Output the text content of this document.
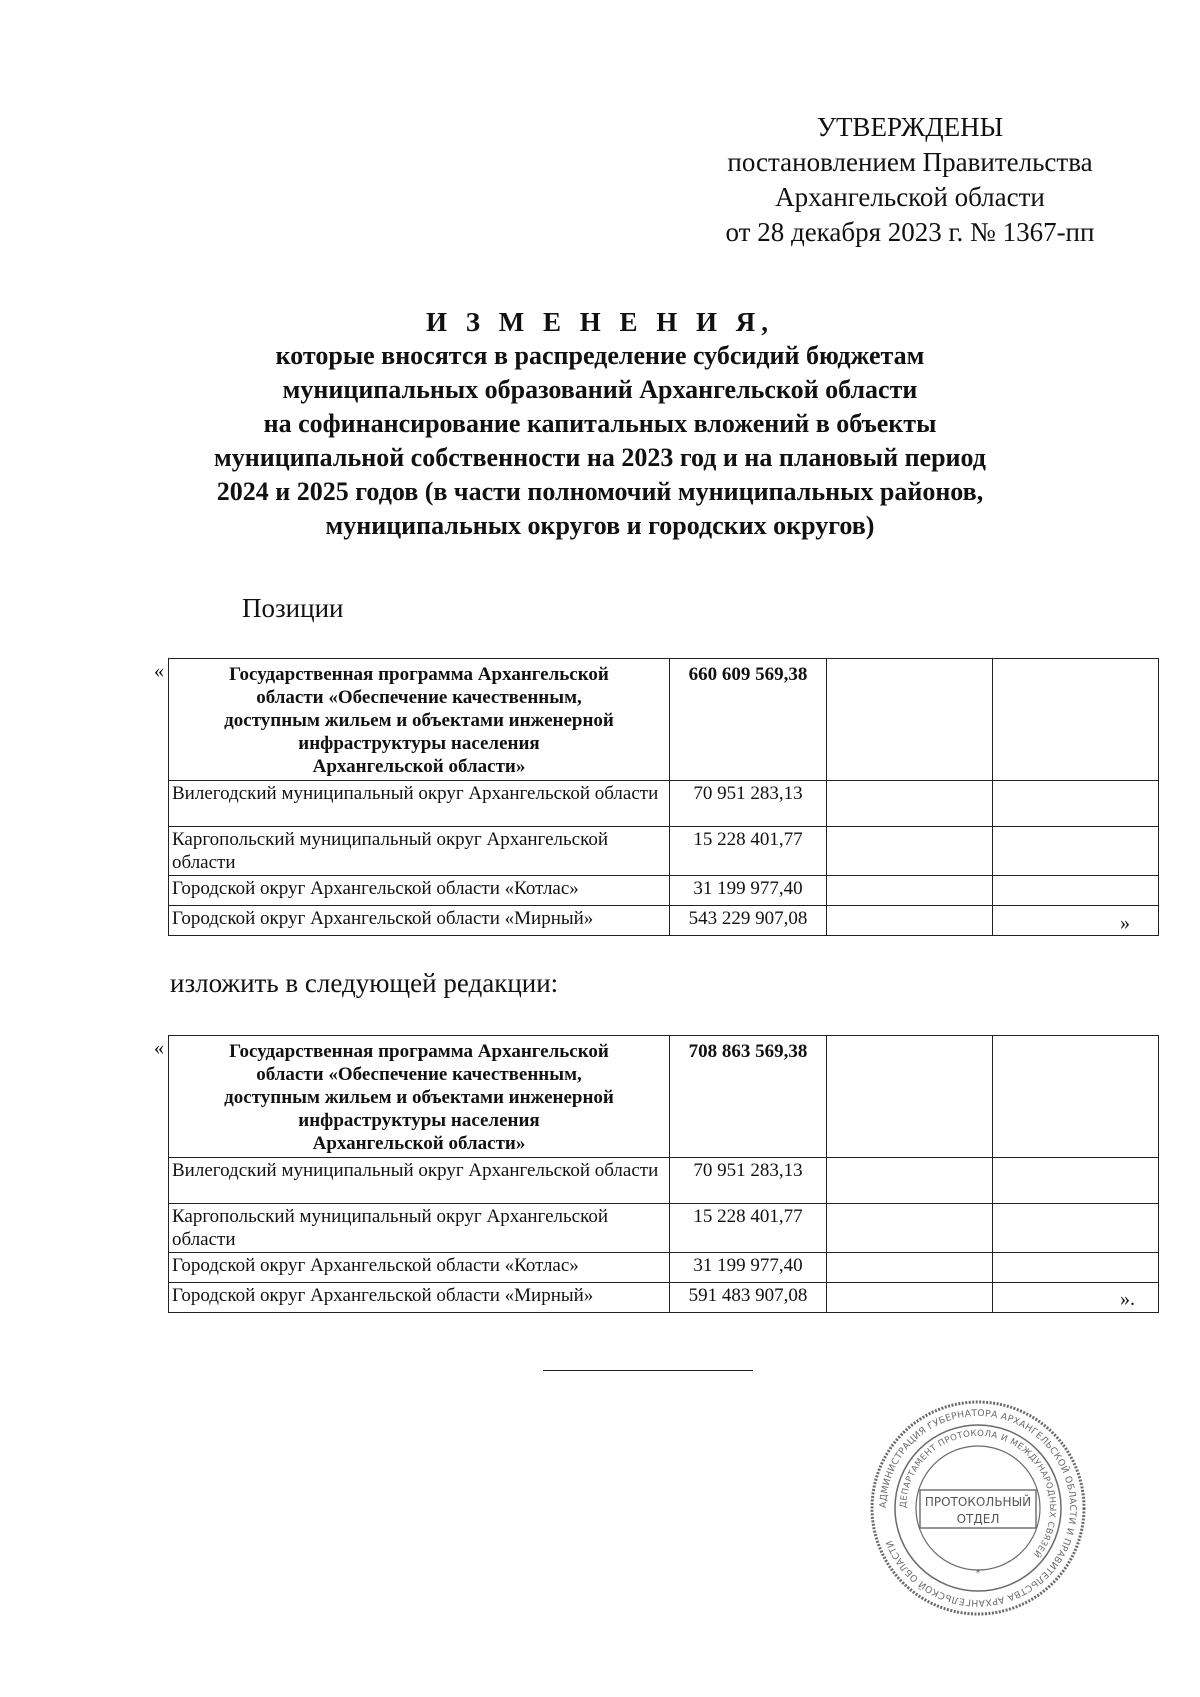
УТВЕРЖДЕНЫ
постановлением Правительства
Архангельской области
от 28 декабря 2023 г. № 1367-пп
И З М Е Н Е Н И Я,
которые вносятся в распределение субсидий бюджетам
муниципальных образований Архангельской области
на софинансирование капитальных вложений в объекты
муниципальной собственности на 2023 год и на плановый период
2024 и 2025 годов (в части полномочий муниципальных районов,
муниципальных округов и городских округов)
Позиции
«	Государственная программа Архангельской
области «Обеспечение качественным,
доступным жильем и объектами инженерной
инфраструктуры населения
Архангельской области»	660 609 569,38		
Вилегодский муниципальный округ Архангельской области	70 951 283,13		
Каргопольский муниципальный округ Архангельской области	15 228 401,77		
Городской округ Архангельской области «Котлас»	31 199 977,40		
Городской округ Архангельской области «Мирный»	543 229 907,08			»
изложить в следующей редакции:
«	Государственная программа Архангельской
области «Обеспечение качественным,
доступным жильем и объектами инженерной
инфраструктуры населения
Архангельской области»	708 863 569,38		
Вилегодский муниципальный округ Архангельской области	70 951 283,13		
Каргопольский муниципальный округ Архангельской области	15 228 401,77		
Городской округ Архангельской области «Котлас»	31 199 977,40		
Городской округ Архангельской области «Мирный»	591 483 907,08			».
АДМИНИСТРАЦИЯ ГУБЕРНАТОРА АРХАНГЕЛЬСКОЙ ОБЛАСТИ И ПРАВИТЕЛЬСТВА АРХАНГЕЛЬСКОЙ ОБЛАСТИ
ДЕПАРТАМЕНТ ПРОТОКОЛА И МЕЖДУНАРОДНЫХ СВЯЗЕЙ
ПРОТОКОЛЬНЫЙ
ОТДЕЛ
*
